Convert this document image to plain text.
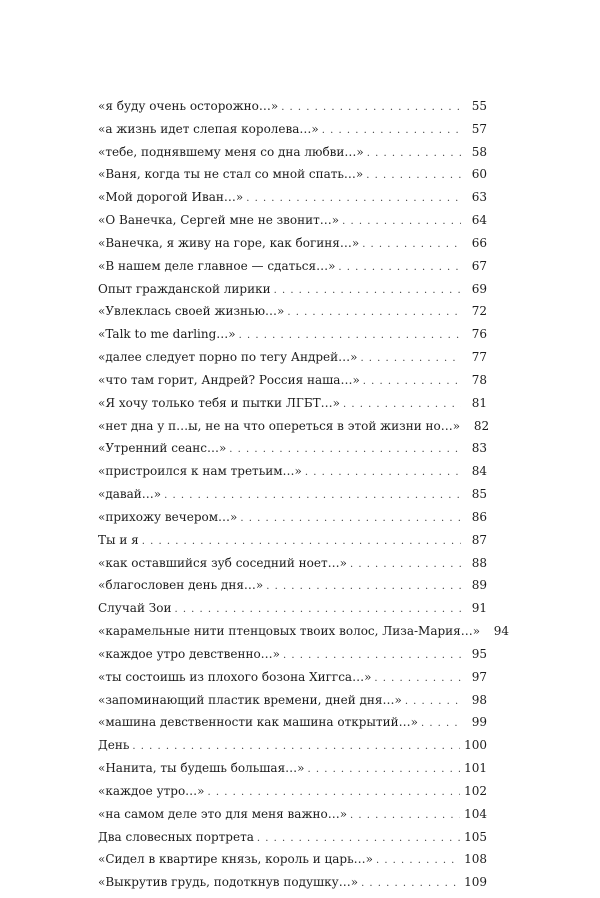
«я буду очень осторожно…» . . .	55
«а жизнь идет слепая королева…» . . .	57
«тебе, поднявшему меня со дна любви…» . . .	58
«Ваня, когда ты не стал со мной спать…» . . .	60
«Мой дорогой Иван…» . . .	63
«О Ванечка, Сергей мне не звонит…» . . .	64
«Ванечка, я живу на горе, как богиня…» . . .	66
«В нашем деле главное — сдаться…» . . .	67
Опыт гражданской лирики . . .	69
«Увлеклась своей жизнью…» . . .	72
«Talk to me darling…» . . .	76
«далее следует порно по тегу Андрей…» . . .	77
«что там горит, Андрей? Россия наша…» . . .	78
«Я хочу только тебя и пытки ЛГБТ…» . . .	81
«нет дна у п…ы, не на что опереться в этой жизни но…»	82
«Утренний сеанс…» . . .	83
«пристроился к нам третьим…» . . .	84
«давай…» . . .	85
«прихожу вечером…» . . .	86
Ты и я . . .	87
«как оставшийся зуб соседний ноет…» . . .	88
«благословен день дня…» . . .	89
Случай Зои . . .	91
«карамельные нити птенцовых твоих волос, Лиза-Мария…»	94
«каждое утро девственно…» . . .	95
«ты состоишь из плохого бозона Хиггса…» . . .	97
«запоминающий пластик времени, дней дня…» . . .	98
«машина девственности как машина открытий…» . . .	99
День . . .	100
«Нанита, ты будешь большая…» . . .	101
«каждое утро…» . . .	102
«на самом деле это для меня важно…» . . .	104
Два словесных портрета . . .	105
«Сидел в квартире князь, король и царь…» . . .	108
«Выкрутив грудь, подоткнув подушку…» . . .	109
